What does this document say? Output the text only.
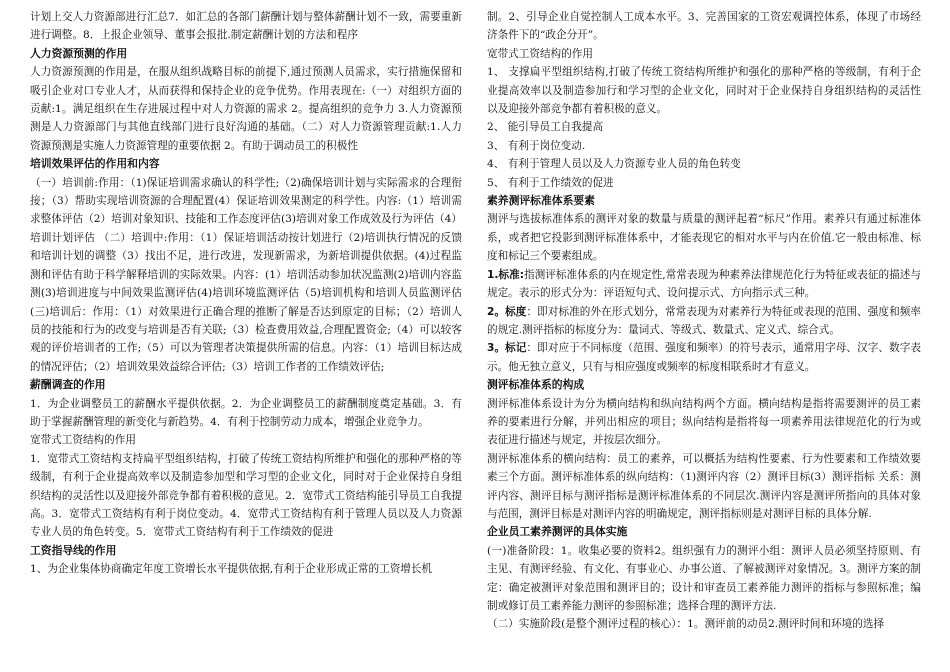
计划上交人力资源部进行汇总7．如汇总的各部门薪酬计划与整体薪酬计划不一致，需要重新进行调整。8．上报企业领导、董事会报批.制定薪酬计划的方法和程序

人力资源预测的作用

人力资源预测的作用是，在服从组织战略目标的前提下,通过预测人员需求，实行措施保留和吸引企业对口专业人才，从而获得和保持企业的竞争优势。作用表现在:（一）对组织方面的贡献:1。满足组织在生存进展过程中对人力资源的需求 2。提高组织的竞争力 3.人力资源预测是人力资源部门与其他直线部门进行良好沟通的基础。（二）对人力资源管理贡献:1.人力资源预测是实施人力资源管理的重要依据 2。有助于调动员工的积极性

培训效果评估的作用和内容

（一）培训前:作用：（1)保证培训需求确认的科学性;（2)确保培训计划与实际需求的合理衔接；（3）帮助实现培训资源的合理配置(4）保证培训效果测定的科学性。内容:（1）培训需求整体评估（2）培训对象知识、技能和工作态度评估(3)培训对象工作成效及行为评估（4）培训计划评估 （二）培训中:作用：（1）保证培训活动按计划进行（2)培训执行情况的反馈和培训计划的调整（3）找出不足，进行改进，发现新需求，为新培训提供依据。(4)过程监测和评估有助于科学解释培训的实际效果。内容：(1）培训活动参加状况监测(2)培训内容监测(3)培训进度与中间效果监测评估(4)培训环境监测评估（5)培训机构和培训人员监测评估 (三)培训后：作用：（1）对效果进行正确合理的推断了解是否达到原定的目标；（2）培训人员的技能和行为的改变与培训是否有关联;（3）检查费用效益,合理配置资金;（4）可以较客观的评价培训者的工作;（5）可以为管理者决策提供所需的信息。内容：（1）培训目标达成的情况评估；（2）培训效果效益综合评估;（3）培训工作者的工作绩效评估;

薪酬调查的作用

1．为企业调整员工的薪酬水平提供依据。2．为企业调整员工的薪酬制度奠定基础。3．有助于掌握薪酬管理的新变化与新趋势。4．有利于控制劳动力成本，增强企业竞争力。

宽带式工资结构的作用

1．宽带式工资结构支持扁平型组织结构，打破了传统工资结构所维护和强化的那种严格的等级制，有利于企业提高效率以及制造参加型和学习型的企业文化，同时对于企业保持自身组织结构的灵活性以及迎接外部竞争都有着积极的意见。2．宽带式工资结构能引导员工自我提高。3．宽带式工资结构有利于岗位变动。4．宽带式工资结构有利于管理人员以及人力资源专业人员的角色转变。5．宽带式工资结构有利于工作绩效的促进

工资指导线的作用

1、为企业集体协商确定年度工资增长水平提供依据,有利于企业形成正常的工资增长机

制。2、引导企业自觉控制人工成本水平。3、完善国家的工资宏观调控体系，体现了市场经济条件下的“政企分开”。

宽带式工资结构的作用

1、 支撑扁平型组织结构,打破了传统工资结构所维护和强化的那种严格的等级制，有利于企业提高效率以及制造参加行和学习型的企业文化，同时对于企业保持自身组织结构的灵活性以及迎接外部竞争都有着积极的意义。

2、 能引导员工自我提高

3、 有利于岗位变动.

4、 有利于管理人员以及人力资源专业人员的角色转变

5、 有利于工作绩效的促进

素养测评标准体系要素

测评与选拔标准体系的测评对象的数量与质量的测评起着“标尺”作用。素养只有通过标准体系，或者把它投影到测评标准体系中，才能表现它的相对水平与内在价值.它一般由标准、标度和标记三个要素组成。

1.标准:指测评标准体系的内在规定性,常常表现为种素养法律规范化行为特征或表征的描述与规定。表示的形式分为：评语短句式、设问提示式、方向指示式三种。

2。标度：即对标准的外在形式划分，常常表现为对素养行为特征或表现的范围、强度和频率的规定.测评指标的标度分为：量词式、等级式、数量式、定义式、综合式。

3。标记：即对应于不同标度（范围、强度和频率）的符号表示，通常用字母、汉字、数字表示。他无独立意义，只有与相应强度或频率的标度相联系时才有意义。

测评标准体系的构成

测评标准体系设计为分为横向结构和纵向结构两个方面。横向结构是指将需要测评的员工素养的要素进行分解，并列出相应的项目；纵向结构是指将每一项素养用法律规范化的行为或表征进行描述与规定，并按层次细分。

测评标准体系的横向结构：员工的素养，可以概括为结构性要素、行为性要素和工作绩效要素三个方面。测评标准体系的纵向结构：（1)测评内容（2）测评目标(3）测评指标 关系：测评内容、测评目标与测评指标是测评标准体系的不同层次.测评内容是测评所指向的具体对象与范围，测评目标是对测评内容的明确规定，测评指标则是对测评目标的具体分解.

企业员工素养测评的具体实施

(一)准备阶段：1。收集必要的资料2。组织强有力的测评小组：测评人员必须坚持原则、有主见、有测评经验、有文化、有事业心、办事公道、了解被测评对象情况。3。测评方案的制定：确定被测评对象范围和测评目的；设计和审查员工素养能力测评的指标与参照标准；编制或修订员工素养能力测评的参照标准；选择合理的测评方法.

（二）实施阶段(是整个测评过程的核心）：1。测评前的动员2.测评时间和环境的选择
